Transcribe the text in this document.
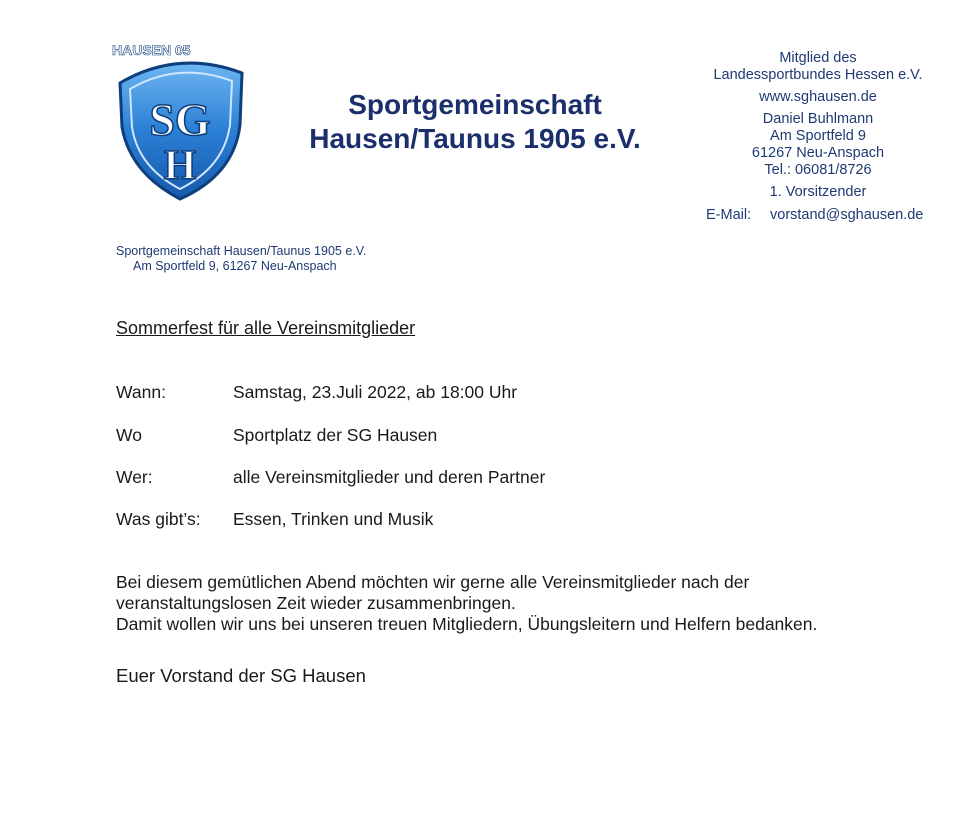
HAUSEN 05
SG
H
Sportgemeinschaft
Hausen/Taunus 1905 e.V.
Mitglied des
Landessportbundes Hessen e.V.
www.sghausen.de
Daniel Buhlmann
Am Sportfeld 9
61267 Neu-Anspach
Tel.: 06081/8726
1. Vorsitzender
E-Mail: vorstand@sghausen.de
Sportgemeinschaft Hausen/Taunus 1905 e.V.
Am Sportfeld 9, 61267 Neu-Anspach
Sommerfest für alle Vereinsmitglieder
Wann:	Samstag, 23.Juli 2022, ab 18:00 Uhr
Wo	Sportplatz der SG Hausen
Wer:	alle Vereinsmitglieder und deren Partner
Was gibt’s: Essen, Trinken und Musik
Bei diesem gemütlichen Abend möchten wir gerne alle Vereinsmitglieder nach der
veranstaltungslosen Zeit wieder zusammenbringen.
Damit wollen wir uns bei unseren treuen Mitgliedern, Übungsleitern und Helfern bedanken.
Euer Vorstand der SG Hausen
